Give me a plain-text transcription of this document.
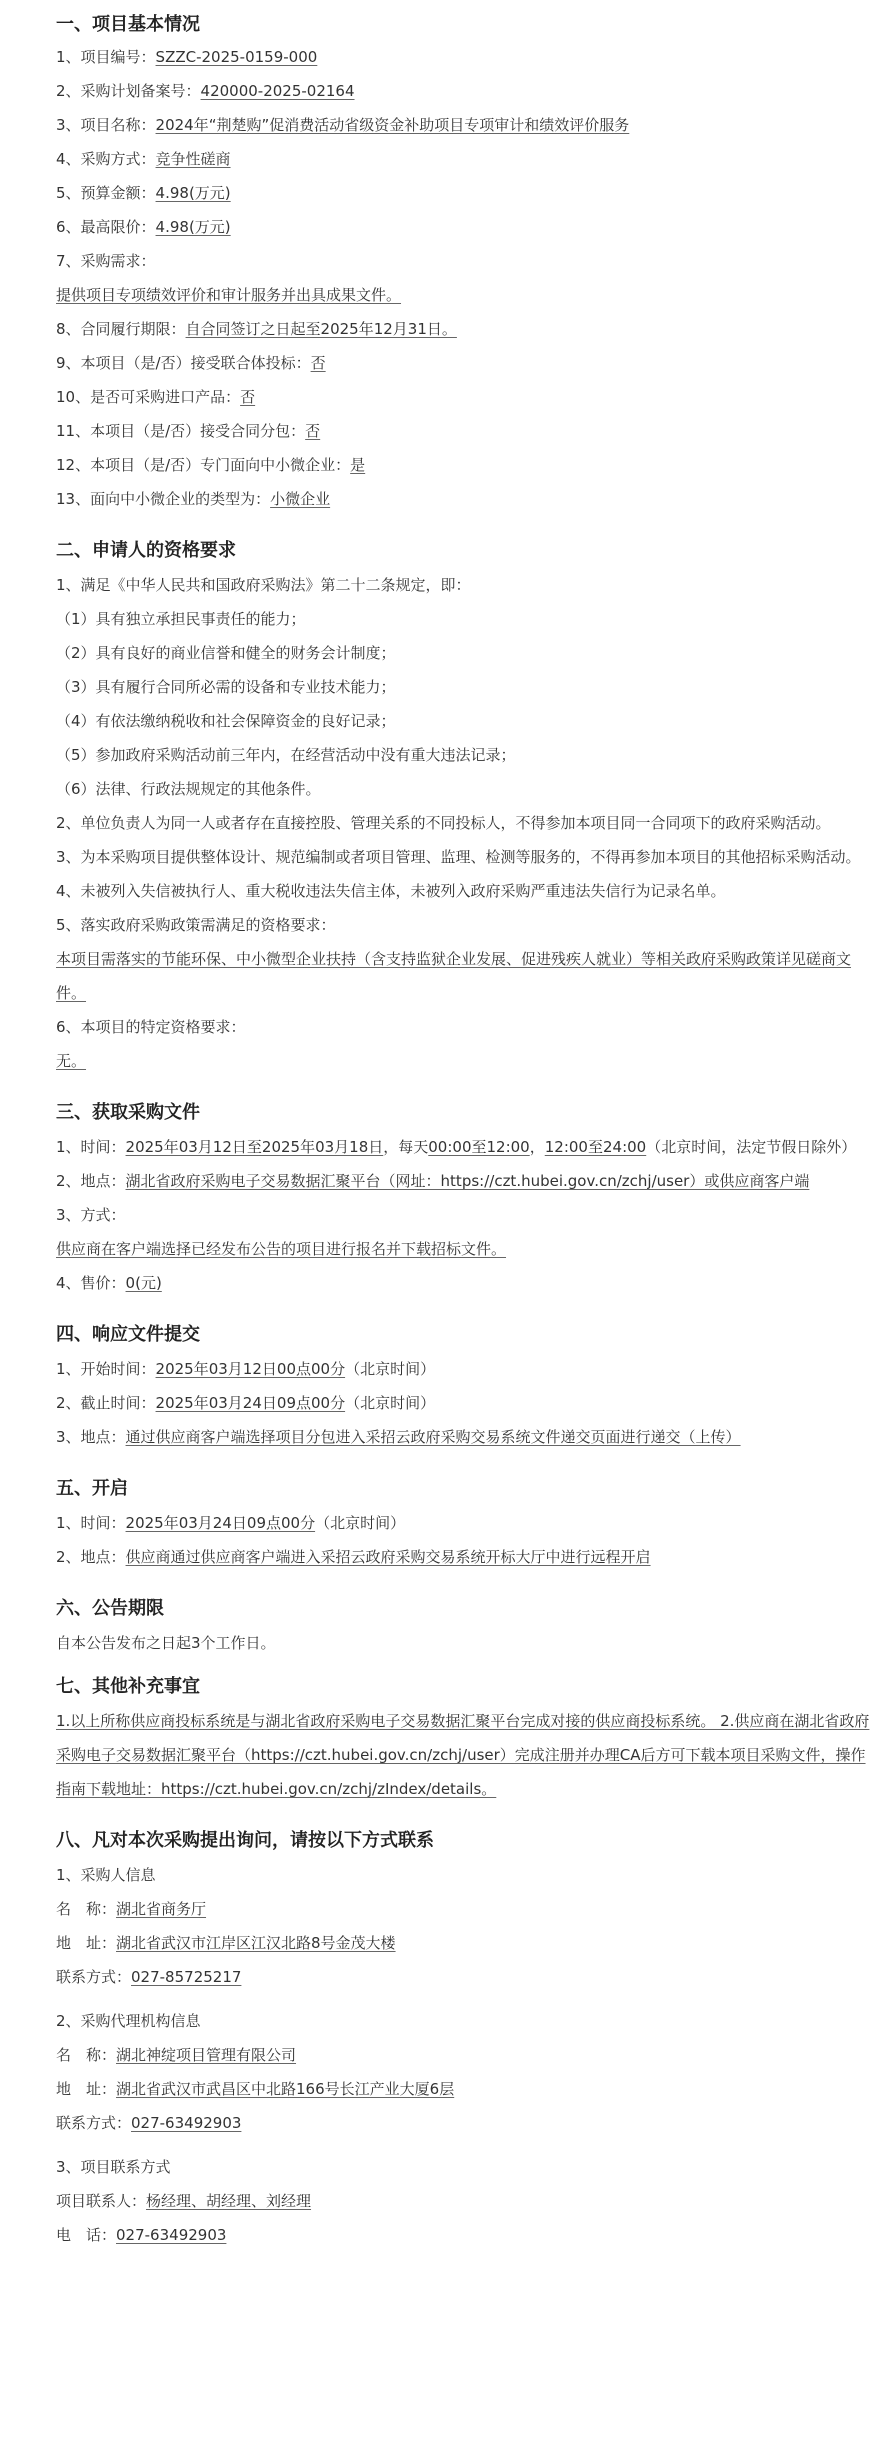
一、项目基本情况
1、项目编号：SZZC-2025-0159-000
2、采购计划备案号：420000-2025-02164
3、项目名称：2024年“荆楚购”促消费活动省级资金补助项目专项审计和绩效评价服务
4、采购方式：竞争性磋商
5、预算金额：4.98(万元)
6、最高限价：4.98(万元)
7、采购需求：
提供项目专项绩效评价和审计服务并出具成果文件。
8、合同履行期限：自合同签订之日起至2025年12月31日。
9、本项目（是/否）接受联合体投标：否
10、是否可采购进口产品：否
11、本项目（是/否）接受合同分包：否
12、本项目（是/否）专门面向中小微企业：是
13、面向中小微企业的类型为：小微企业
二、申请人的资格要求
1、满足《中华人民共和国政府采购法》第二十二条规定，即：
（1）具有独立承担民事责任的能力；
（2）具有良好的商业信誉和健全的财务会计制度；
（3）具有履行合同所必需的设备和专业技术能力；
（4）有依法缴纳税收和社会保障资金的良好记录；
（5）参加政府采购活动前三年内，在经营活动中没有重大违法记录；
（6）法律、行政法规规定的其他条件。
2、单位负责人为同一人或者存在直接控股、管理关系的不同投标人，不得参加本项目同一合同项下的政府采购活动。
3、为本采购项目提供整体设计、规范编制或者项目管理、监理、检测等服务的，不得再参加本项目的其他招标采购活动。
4、未被列入失信被执行人、重大税收违法失信主体，未被列入政府采购严重违法失信行为记录名单。
5、落实政府采购政策需满足的资格要求：
本项目需落实的节能环保、中小微型企业扶持（含支持监狱企业发展、促进残疾人就业）等相关政府采购政策详见磋商文件。
6、本项目的特定资格要求：
无。
三、获取采购文件
1、时间：2025年03月12日至2025年03月18日，每天00:00至12:00，12:00至24:00（北京时间，法定节假日除外）
2、地点：湖北省政府采购电子交易数据汇聚平台（网址：https://czt.hubei.gov.cn/zchj/user）或供应商客户端
3、方式：
供应商在客户端选择已经发布公告的项目进行报名并下载招标文件。
4、售价：0(元)
四、响应文件提交
1、开始时间：2025年03月12日00点00分（北京时间）
2、截止时间：2025年03月24日09点00分（北京时间）
3、地点：通过供应商客户端选择项目分包进入采招云政府采购交易系统文件递交页面进行递交（上传）
五、开启
1、时间：2025年03月24日09点00分（北京时间）
2、地点：供应商通过供应商客户端进入采招云政府采购交易系统开标大厅中进行远程开启
六、公告期限
自本公告发布之日起3个工作日。
七、其他补充事宜
1.以上所称供应商投标系统是与湖北省政府采购电子交易数据汇聚平台完成对接的供应商投标系统。 2.供应商在湖北省政府采购电子交易数据汇聚平台（https://czt.hubei.gov.cn/zchj/user）完成注册并办理CA后方可下载本项目采购文件，操作指南下载地址：https://czt.hubei.gov.cn/zchj/zIndex/details。
八、凡对本次采购提出询问，请按以下方式联系
1、采购人信息
名　称：湖北省商务厅
地　址：湖北省武汉市江岸区江汉北路8号金茂大楼
联系方式：027-85725217
2、采购代理机构信息
名　称：湖北神绽项目管理有限公司
地　址：湖北省武汉市武昌区中北路166号长江产业大厦6层
联系方式：027-63492903
3、项目联系方式
项目联系人：杨经理、胡经理、刘经理
电　话：027-63492903
